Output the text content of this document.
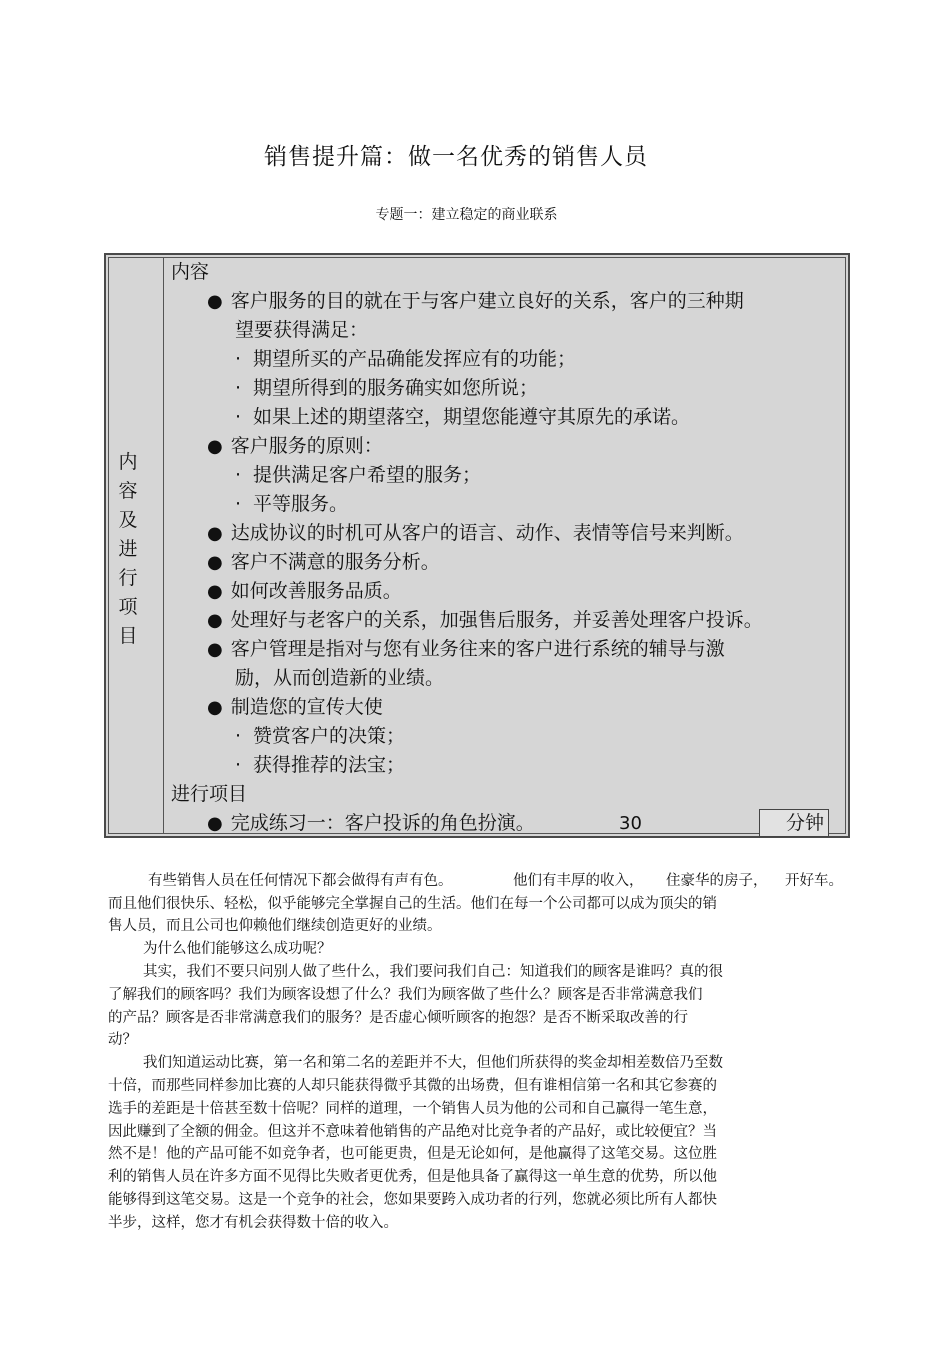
销售提升篇：做一名优秀的销售人员
专题一：建立稳定的商业联系
内
容
及
进
行
项
目
内容
● 客户服务的目的就在于与客户建立良好的关系，客户的三种期
望要获得满足：
· 期望所买的产品确能发挥应有的功能；
· 期望所得到的服务确实如您所说；
· 如果上述的期望落空，期望您能遵守其原先的承诺。
● 客户服务的原则：
· 提供满足客户希望的服务；
· 平等服务。
● 达成协议的时机可从客户的语言、动作、表情等信号来判断。
● 客户不满意的服务分析。
● 如何改善服务品质。
● 处理好与老客户的关系，加强售后服务，并妥善处理客户投诉。
● 客户管理是指对与您有业务往来的客户进行系统的辅导与激
励，从而创造新的业绩。
● 制造您的宣传大使
· 赞赏客户的决策；
· 获得推荐的法宝；
进行项目
● 完成练习一：客户投诉的角色扮演。	30	分钟
有些销售人员在任何情况下都会做得有声有色。	他们有丰厚的收入， 住豪华的房子， 开好车。
而且他们很快乐、轻松，似乎能够完全掌握自己的生活。他们在每一个公司都可以成为顶尖的销
售人员，而且公司也仰赖他们继续创造更好的业绩。
为什么他们能够这么成功呢？
其实，我们不要只问别人做了些什么，我们要问我们自己：知道我们的顾客是谁吗？真的很
了解我们的顾客吗？我们为顾客设想了什么？我们为顾客做了些什么？顾客是否非常满意我们
的产品？顾客是否非常满意我们的服务？是否虚心倾听顾客的抱怨？是否不断采取改善的行
动？
我们知道运动比赛，第一名和第二名的差距并不大，但他们所获得的奖金却相差数倍乃至数
十倍，而那些同样参加比赛的人却只能获得微乎其微的出场费，但有谁相信第一名和其它参赛的
选手的差距是十倍甚至数十倍呢？同样的道理，一个销售人员为他的公司和自己赢得一笔生意，
因此赚到了全额的佣金。但这并不意味着他销售的产品绝对比竞争者的产品好，或比较便宜？当
然不是！他的产品可能不如竞争者，也可能更贵，但是无论如何，是他赢得了这笔交易。这位胜
利的销售人员在许多方面不见得比失败者更优秀，但是他具备了赢得这一单生意的优势，所以他
能够得到这笔交易。这是一个竞争的社会，您如果要跨入成功者的行列，您就必须比所有人都快
半步，这样，您才有机会获得数十倍的收入。
